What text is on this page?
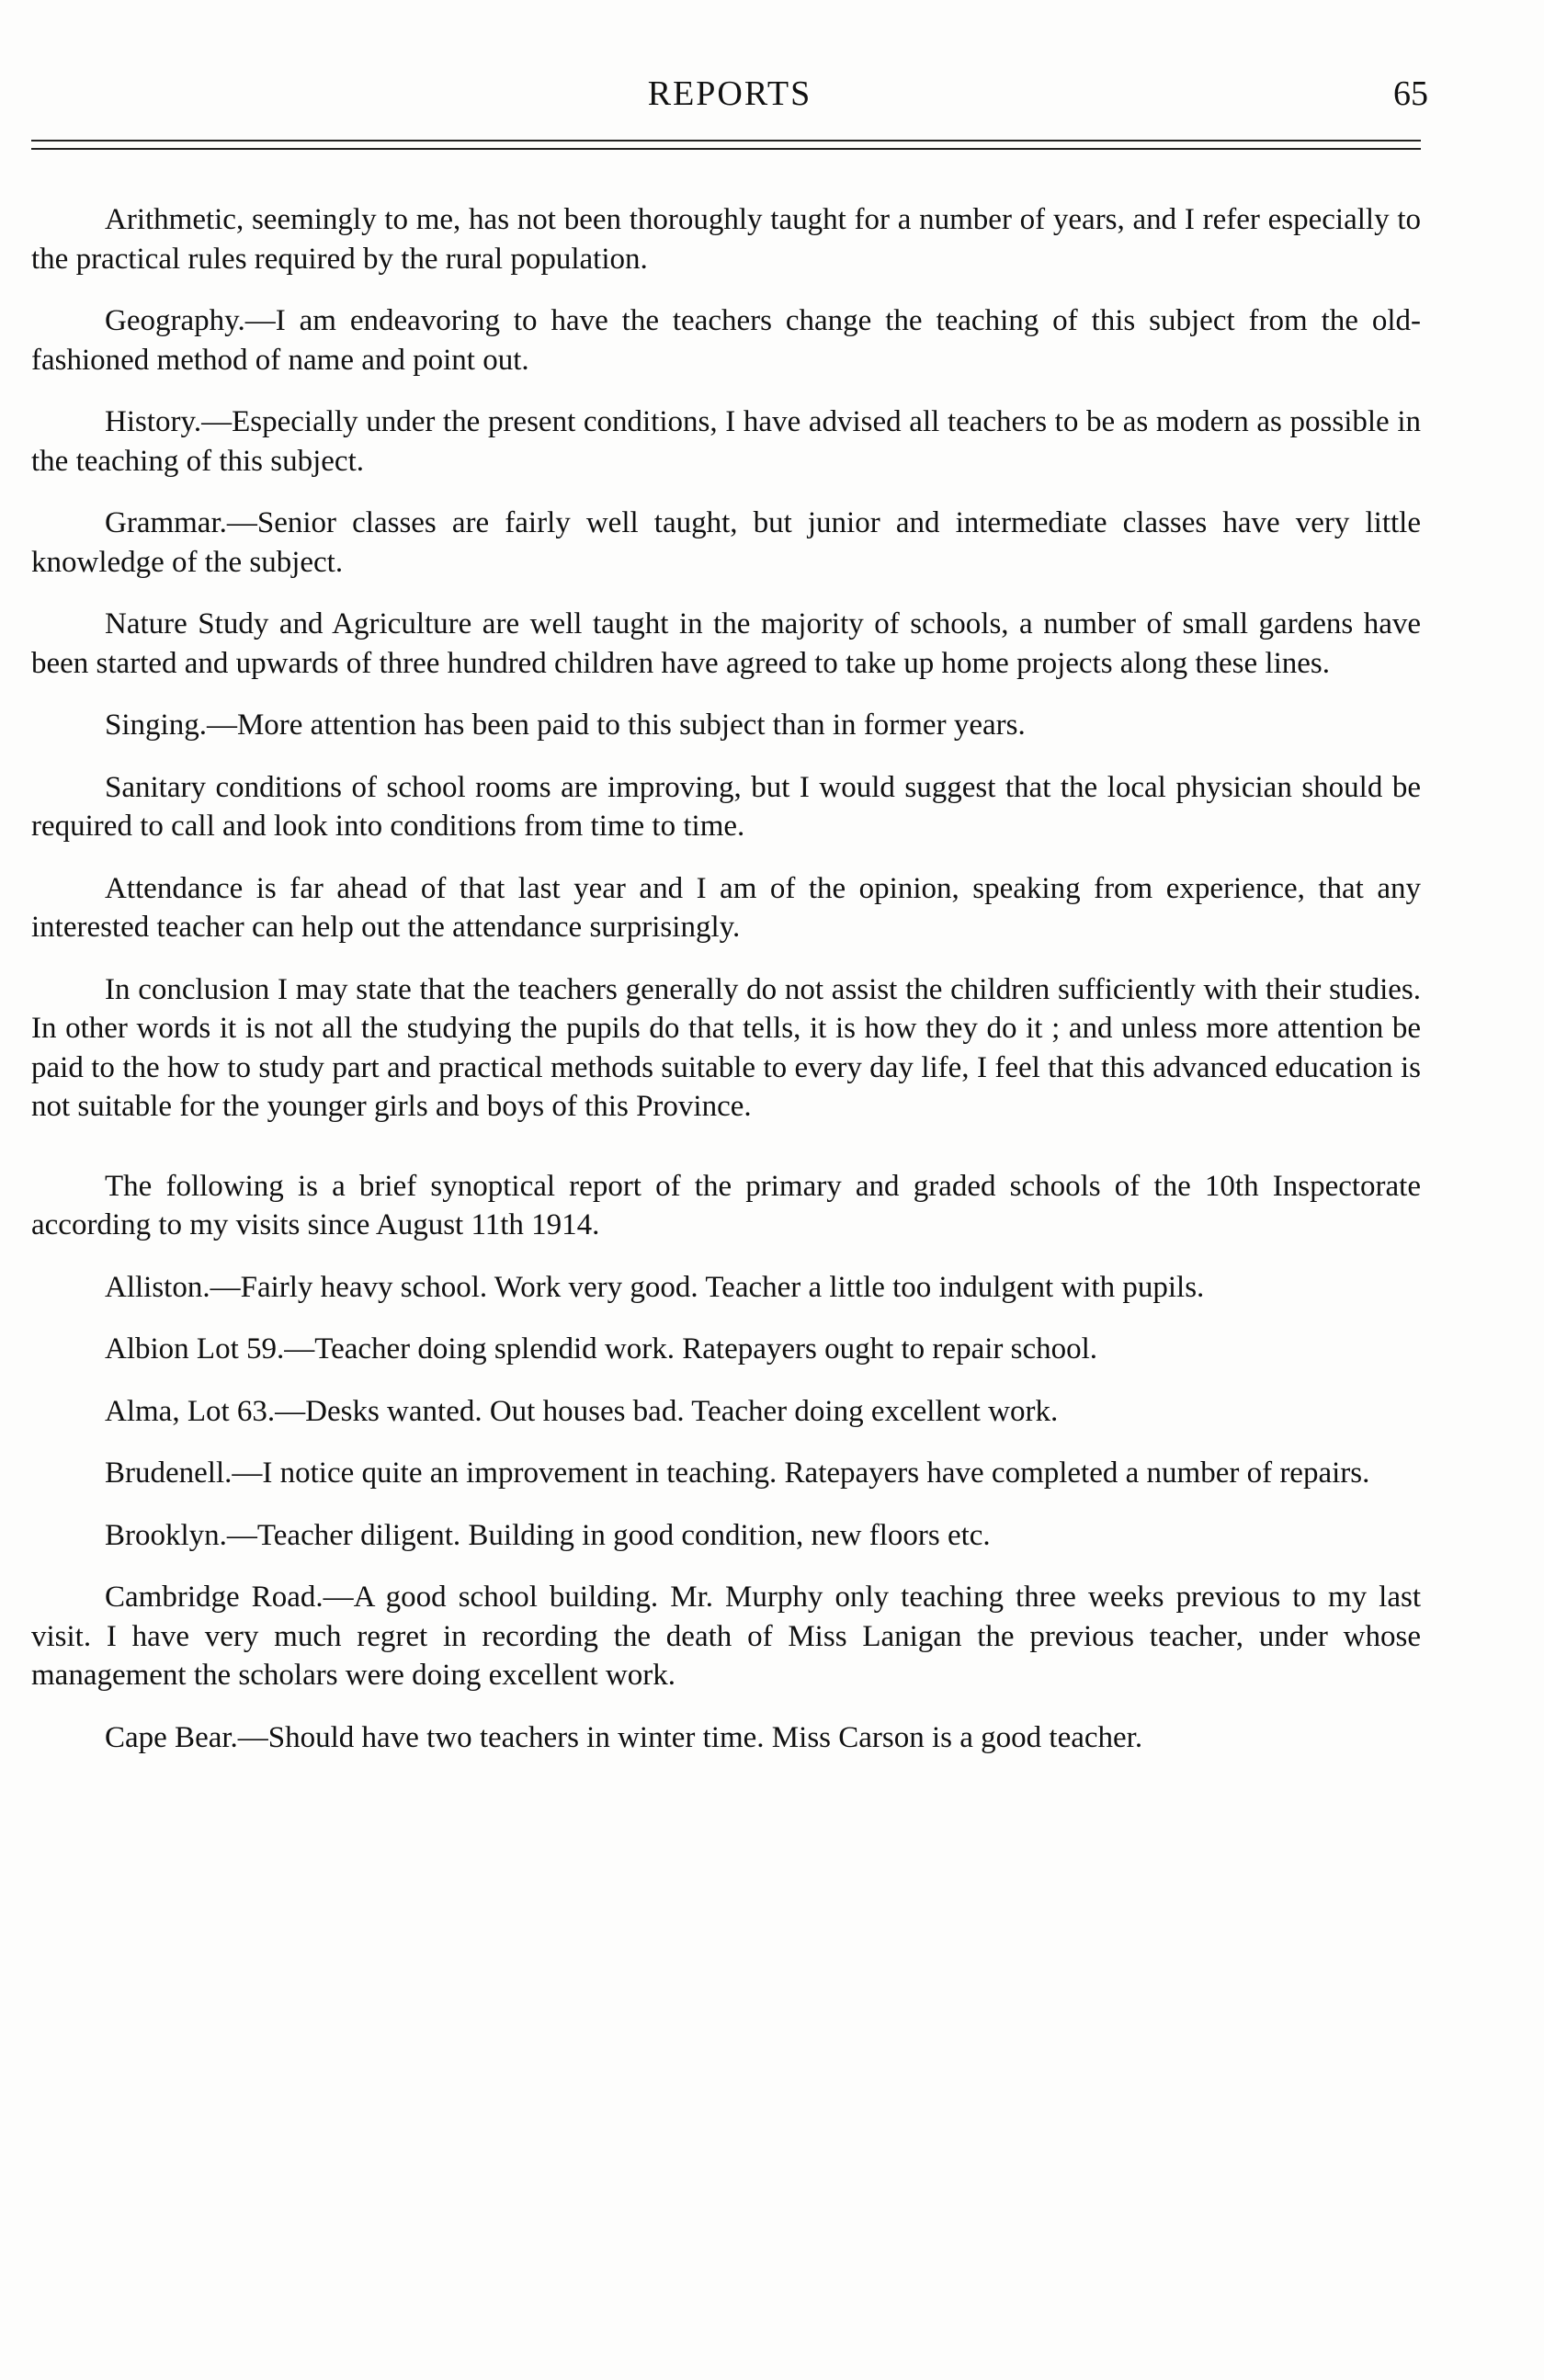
REPORTS	65

Arithmetic, seemingly to me, has not been thoroughly taught for a number of years, and I refer especially to the practical rules required by the rural population.

Geography.—I am endeavoring to have the teachers change the teaching of this subject from the old-fashioned method of name and point out.

History.—Especially under the present conditions, I have advised all teachers to be as modern as possible in the teaching of this subject.

Grammar.—Senior classes are fairly well taught, but junior and intermediate classes have very little knowledge of the subject.

Nature Study and Agriculture are well taught in the majority of schools, a number of small gardens have been started and upwards of three hundred children have agreed to take up home projects along these lines.

Singing.—More attention has been paid to this subject than in former years.

Sanitary conditions of school rooms are improving, but I would suggest that the local physician should be required to call and look into conditions from time to time.

Attendance is far ahead of that last year and I am of the opinion, speaking from experience, that any interested teacher can help out the attendance surprisingly.

In conclusion I may state that the teachers generally do not assist the children sufficiently with their studies. In other words it is not all the studying the pupils do that tells, it is how they do it ; and unless more attention be paid to the how to study part and practical methods suitable to every day life, I feel that this advanced education is not suitable for the younger girls and boys of this Province.

The following is a brief synoptical report of the primary and graded schools of the 10th Inspectorate according to my visits since August 11th 1914.

Alliston.—Fairly heavy school. Work very good. Teacher a little too indulgent with pupils.

Albion Lot 59.—Teacher doing splendid work. Ratepayers ought to repair school.

Alma, Lot 63.—Desks wanted. Out houses bad. Teacher doing excellent work.

Brudenell.—I notice quite an improvement in teaching. Ratepayers have completed a number of repairs.

Brooklyn.—Teacher diligent. Building in good condition, new floors etc.

Cambridge Road.—A good school building. Mr. Murphy only teaching three weeks previous to my last visit. I have very much regret in recording the death of Miss Lanigan the previous teacher, under whose management the scholars were doing excellent work.

Cape Bear.—Should have two teachers in winter time. Miss Carson is a good teacher.
